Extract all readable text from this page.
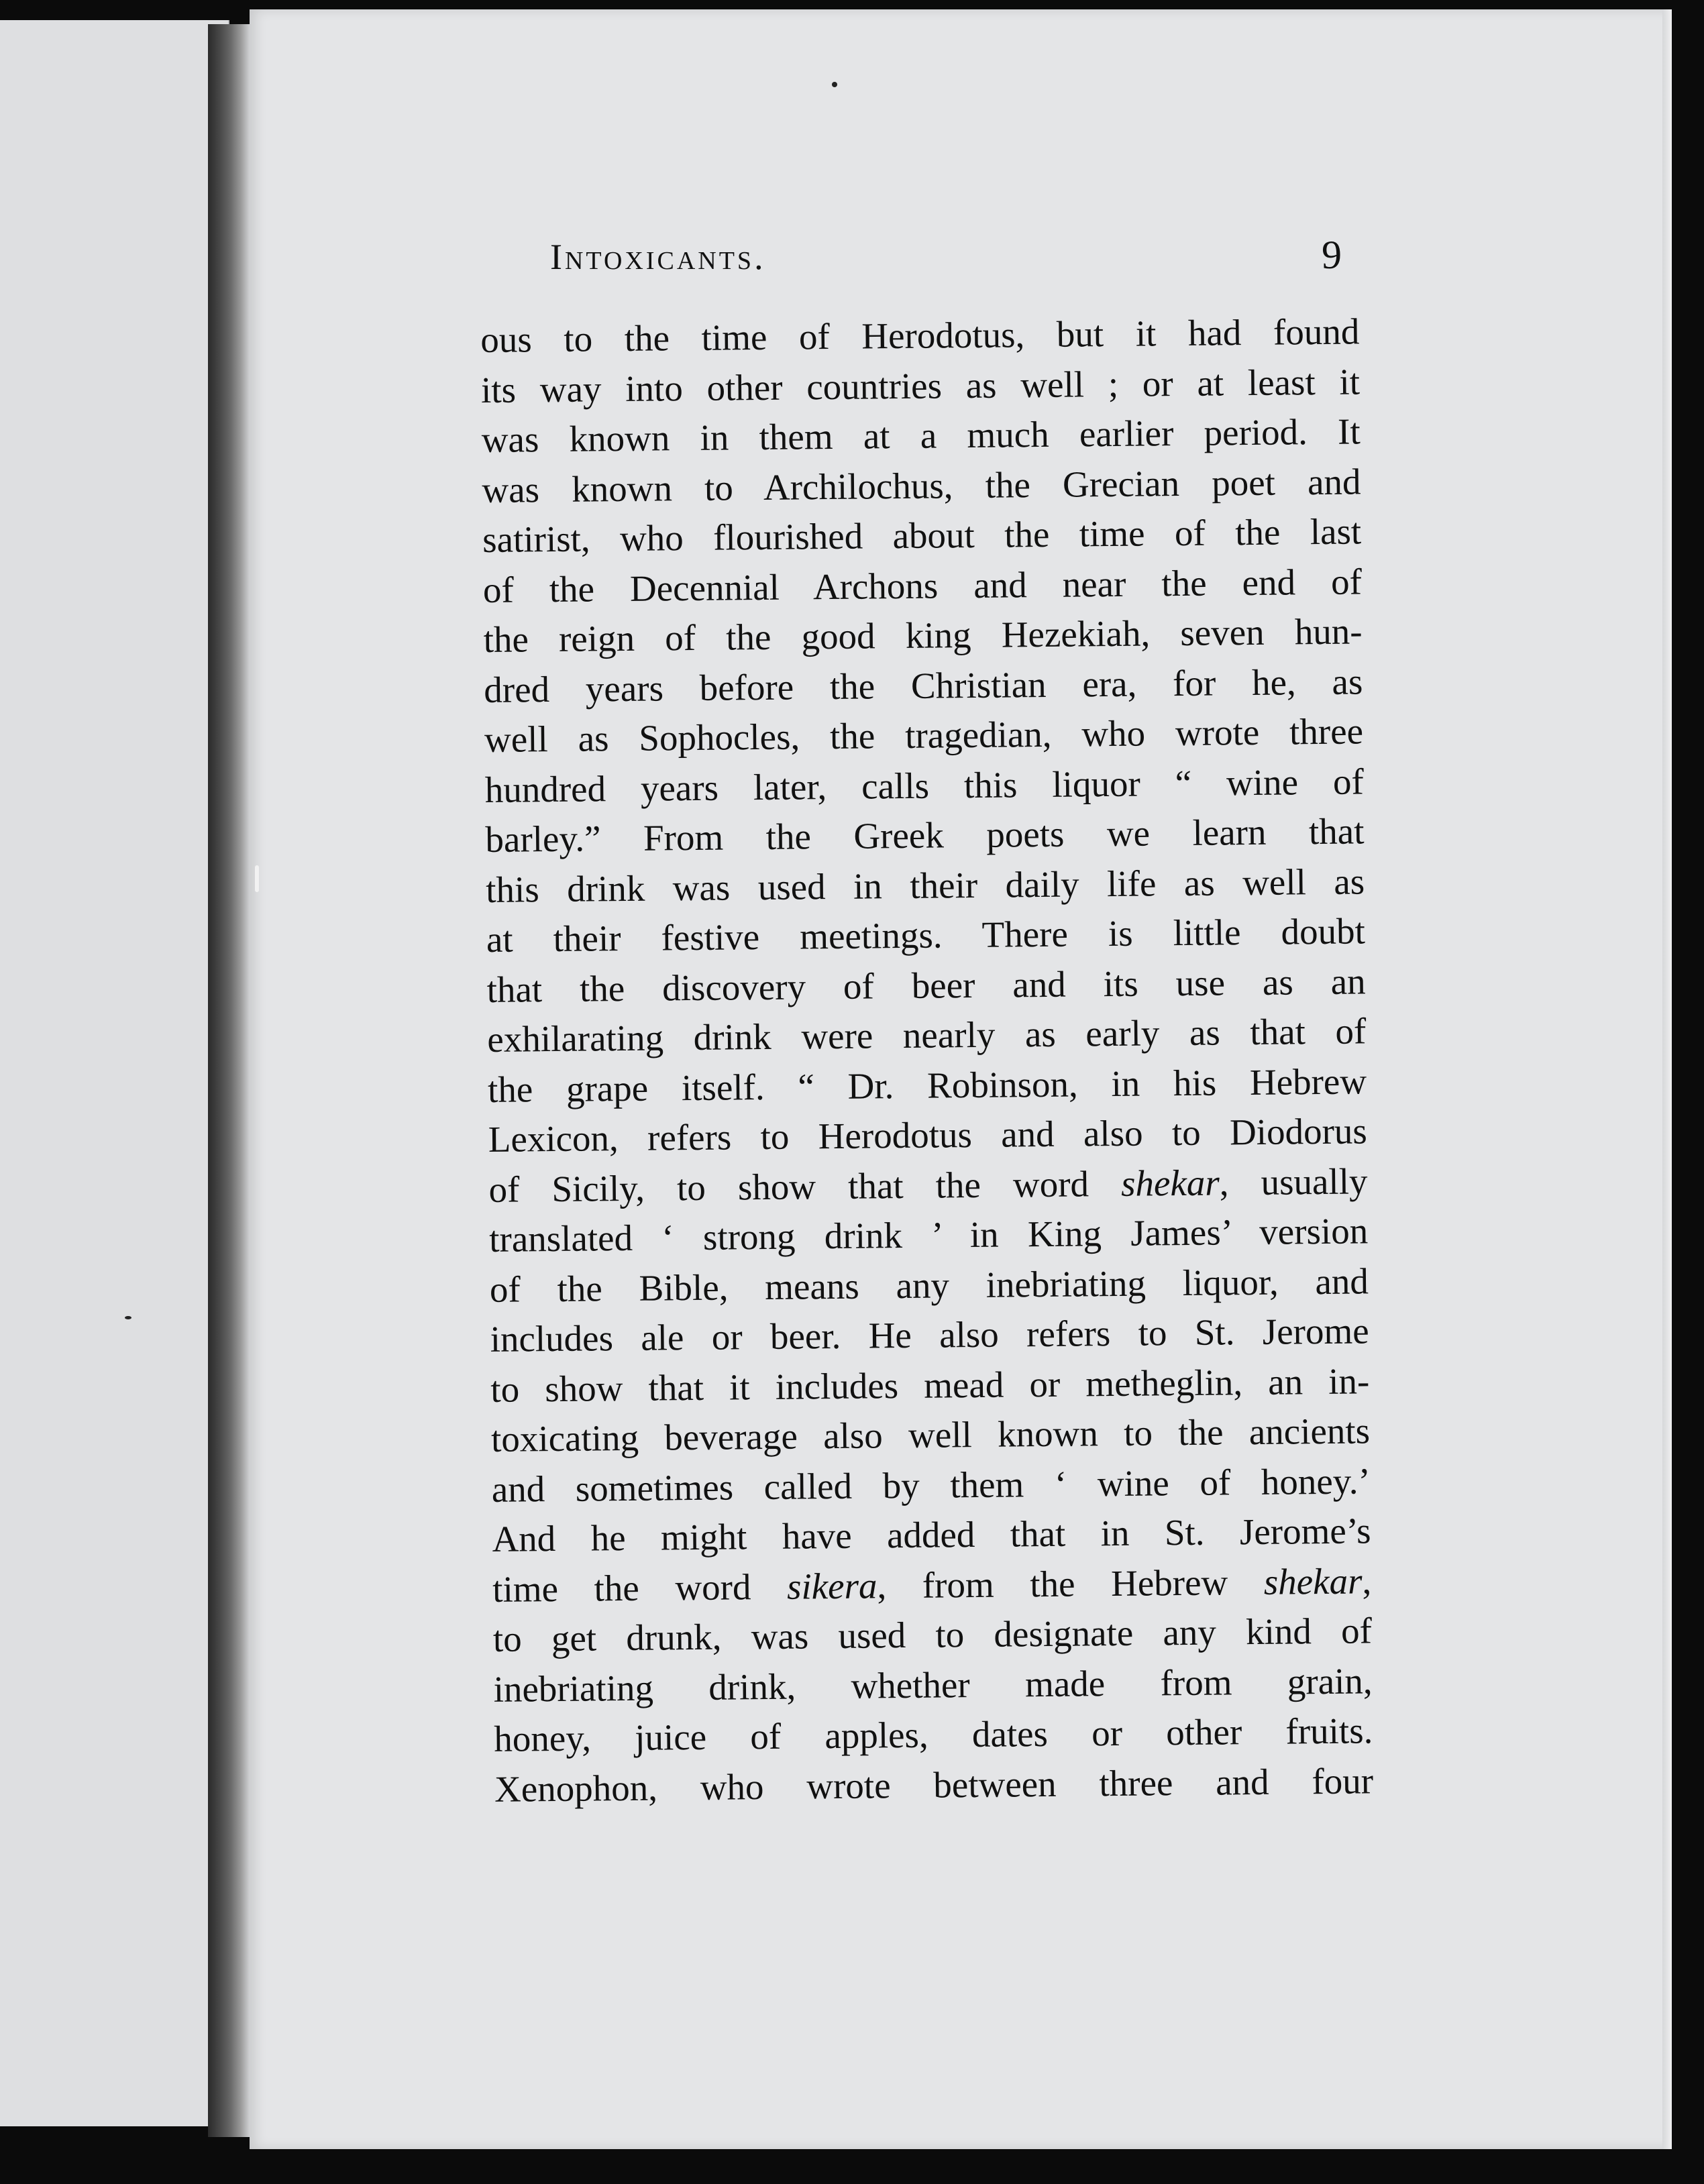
Intoxicants.	9
ous to the time of Herodotus, but it had found
its way into other countries as well ; or at least it
was known in them at a much earlier period. It
was known to Archilochus, the Grecian poet and
satirist, who flourished about the time of the last
of the Decennial Archons and near the end of
the reign of the good king Hezekiah, seven hun-
dred years before the Christian era, for he, as
well as Sophocles, the tragedian, who wrote three
hundred years later, calls this liquor “ wine of
barley.” From the Greek poets we learn that
this drink was used in their daily life as well as
at their festive meetings. There is little doubt
that the discovery of beer and its use as an
exhilarating drink were nearly as early as that of
the grape itself. “ Dr. Robinson, in his Hebrew
Lexicon, refers to Herodotus and also to Diodorus
of Sicily, to show that the word shekar, usually
translated ‘ strong drink ’ in King James’ version
of the Bible, means any inebriating liquor, and
includes ale or beer. He also refers to St. Jerome
to show that it includes mead or metheglin, an in-
toxicating beverage also well known to the ancients
and sometimes called by them ‘ wine of honey.’
And he might have added that in St. Jerome’s
time the word sikera, from the Hebrew shekar,
to get drunk, was used to designate any kind of
inebriating drink, whether made from grain,
honey, juice of apples, dates or other fruits.
Xenophon, who wrote between three and four
